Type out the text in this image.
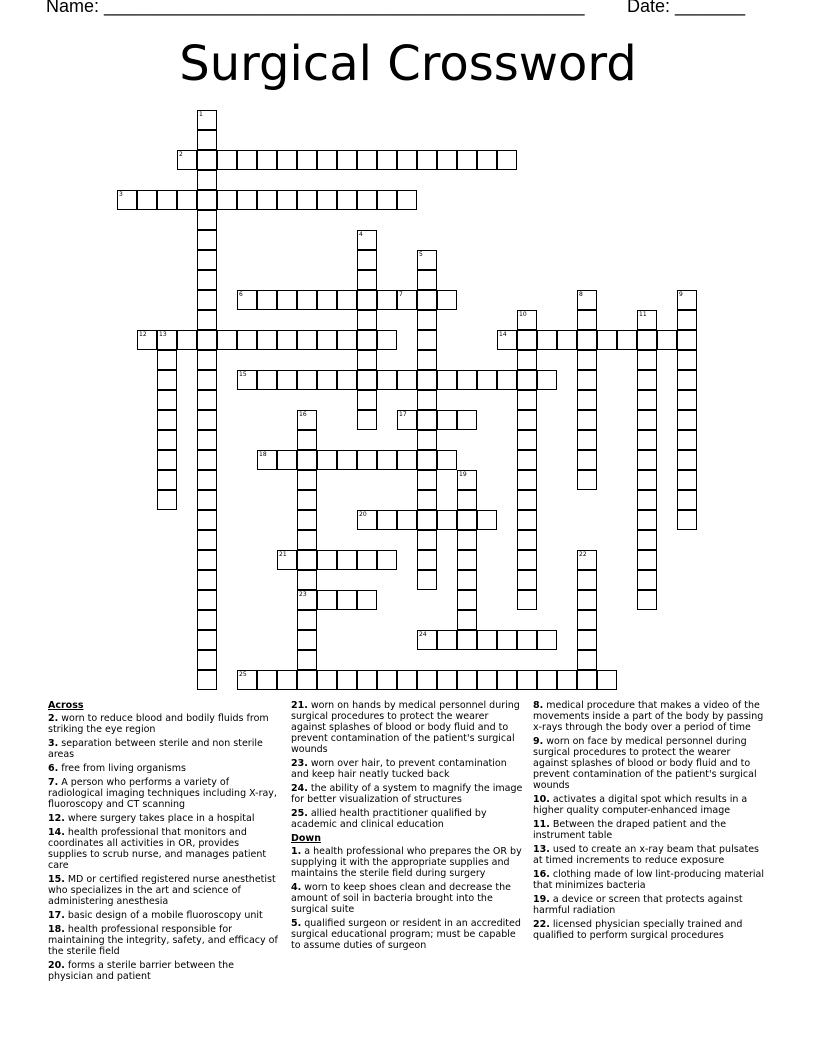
Name: ________________________________________________

Date: _______

Surgical Crossword
1
2
3
4
5
6	7	8	9
10	11
12 13	14
15
16	17
18
19
20
21	22
23
24
25
Across
2. worn to reduce blood and bodily fluids from striking the eye region
3. separation between sterile and non sterile areas
6. free from living organisms
7. A person who performs a variety of radiological imaging techniques including X-ray, fluoroscopy and CT scanning
12. where surgery takes place in a hospital
14. health professional that monitors and coordinates all activities in OR, provides supplies to scrub nurse, and manages patient care
15. MD or certified registered nurse anesthetist who specializes in the art and science of administering anesthesia
17. basic design of a mobile fluoroscopy unit
18. health professional responsible for maintaining the integrity, safety, and efficacy of the sterile field
20. forms a sterile barrier between the physician and patient
21. worn on hands by medical personnel during surgical procedures to protect the wearer against splashes of blood or body fluid and to prevent contamination of the patient's surgical wounds
23. worn over hair, to prevent contamination and keep hair neatly tucked back
24. the ability of a system to magnify the image for better visualization of structures
25. allied health practitioner qualified by academic and clinical education
Down
1. a health professional who prepares the OR by supplying it with the appropriate supplies and maintains the sterile field during surgery
4. worn to keep shoes clean and decrease the amount of soil in bacteria brought into the surgical suite
5. qualified surgeon or resident in an accredited surgical educational program; must be capable to assume duties of surgeon
8. medical procedure that makes a video of the movements inside a part of the body by passing x-rays through the body over a period of time
9. worn on face by medical personnel during surgical procedures to protect the wearer against splashes of blood or body fluid and to prevent contamination of the patient's surgical wounds
10. activates a digital spot which results in a higher quality computer-enhanced image
11. Between the draped patient and the instrument table
13. used to create an x-ray beam that pulsates at timed increments to reduce exposure
16. clothing made of low lint-producing material that minimizes bacteria
19. a device or screen that protects against harmful radiation
22. licensed physician specially trained and qualified to perform surgical procedures
